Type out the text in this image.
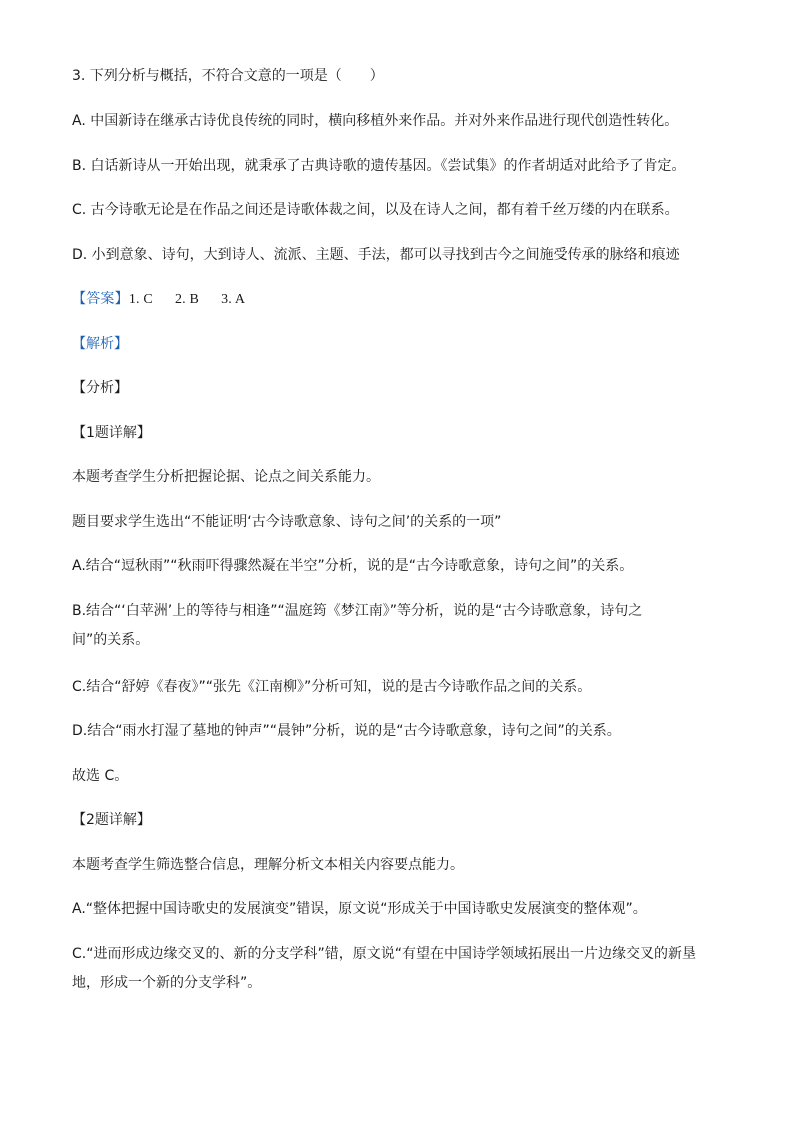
3. 下列分析与概括，不符合文意的一项是（　　）
A. 中国新诗在继承古诗优良传统的同时，横向移植外来作品。并对外来作品进行现代创造性转化。
B. 白话新诗从一开始出现，就秉承了古典诗歌的遗传基因。《尝试集》的作者胡适对此给予了肯定。
C. 古今诗歌无论是在作品之间还是诗歌体裁之间，以及在诗人之间，都有着千丝万缕的内在联系。
D. 小到意象、诗句，大到诗人、流派、主题、手法，都可以寻找到古今之间施受传承的脉络和痕迹
【答案】1. C 2. B 3. A
【解析】
【分析】
【1题详解】
本题考查学生分析把握论据、论点之间关系能力。
题目要求学生选出“不能证明‘古今诗歌意象、诗句之间’的关系的一项”
A.结合“逗秋雨”“秋雨吓得骤然凝在半空”分析，说的是“古今诗歌意象，诗句之间”的关系。
B.结合“‘白苹洲’上的等待与相逢”“温庭筠《梦江南》”等分析，说的是“古今诗歌意象，诗句之
间”的关系。
C.结合“舒婷《春夜》”“张先《江南柳》”分析可知，说的是古今诗歌作品之间的关系。
D.结合“雨水打湿了墓地的钟声”“晨钟”分析，说的是“古今诗歌意象，诗句之间”的关系。
故选 C。
【2题详解】
本题考查学生筛选整合信息，理解分析文本相关内容要点能力。
A.“整体把握中国诗歌史的发展演变”错误，原文说“形成关于中国诗歌史发展演变的整体观”。
C.“进而形成边缘交叉的、新的分支学科”错，原文说“有望在中国诗学领域拓展出一片边缘交叉的新垦
地，形成一个新的分支学科”。
